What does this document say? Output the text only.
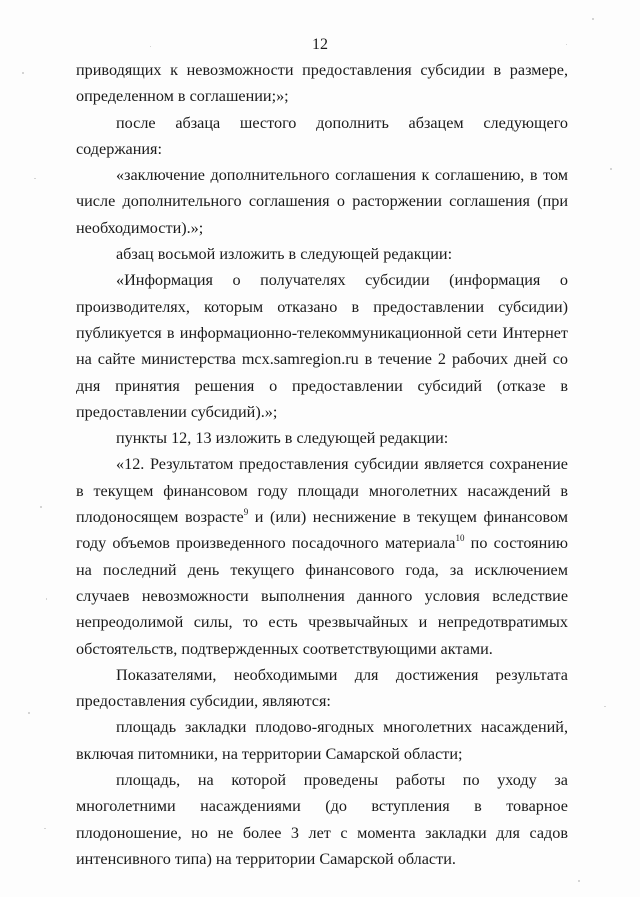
12

приводящих к невозможности предоставления субсидии в размере, определенном в соглашении;»;

после абзаца шестого дополнить абзацем следующего содержания:

«заключение дополнительного соглашения к соглашению, в том числе дополнительного соглашения о расторжении соглашения (при необходимости).»;

абзац восьмой изложить в следующей редакции:

«Информация о получателях субсидии (информация о производителях, которым отказано в предоставлении субсидии) публикуется в информационно-телекоммуникационной сети Интернет на сайте министерства mcx.samregion.ru в течение 2 рабочих дней со дня принятия решения о предоставлении субсидий (отказе в предоставлении субсидий).»;

пункты 12, 13 изложить в следующей редакции:

«12. Результатом предоставления субсидии является сохранение в текущем финансовом году площади многолетних насаждений в плодоносящем возрасте$^9$ и (или) неснижение в текущем финансовом году объемов произведенного посадочного материала$^{10}$ по состоянию на последний день текущего финансового года, за исключением случаев невозможности выполнения данного условия вследствие непреодолимой силы, то есть чрезвычайных и непредотвратимых обстоятельств, подтвержденных соответствующими актами.

Показателями, необходимыми для достижения результата предоставления субсидии, являются:

площадь закладки плодово-ягодных многолетних насаждений, включая питомники, на территории Самарской области;

площадь, на которой проведены работы по уходу за многолетними насаждениями (до вступления в товарное плодоношение, но не более 3 лет с момента закладки для садов интенсивного типа) на территории Самарской области.
